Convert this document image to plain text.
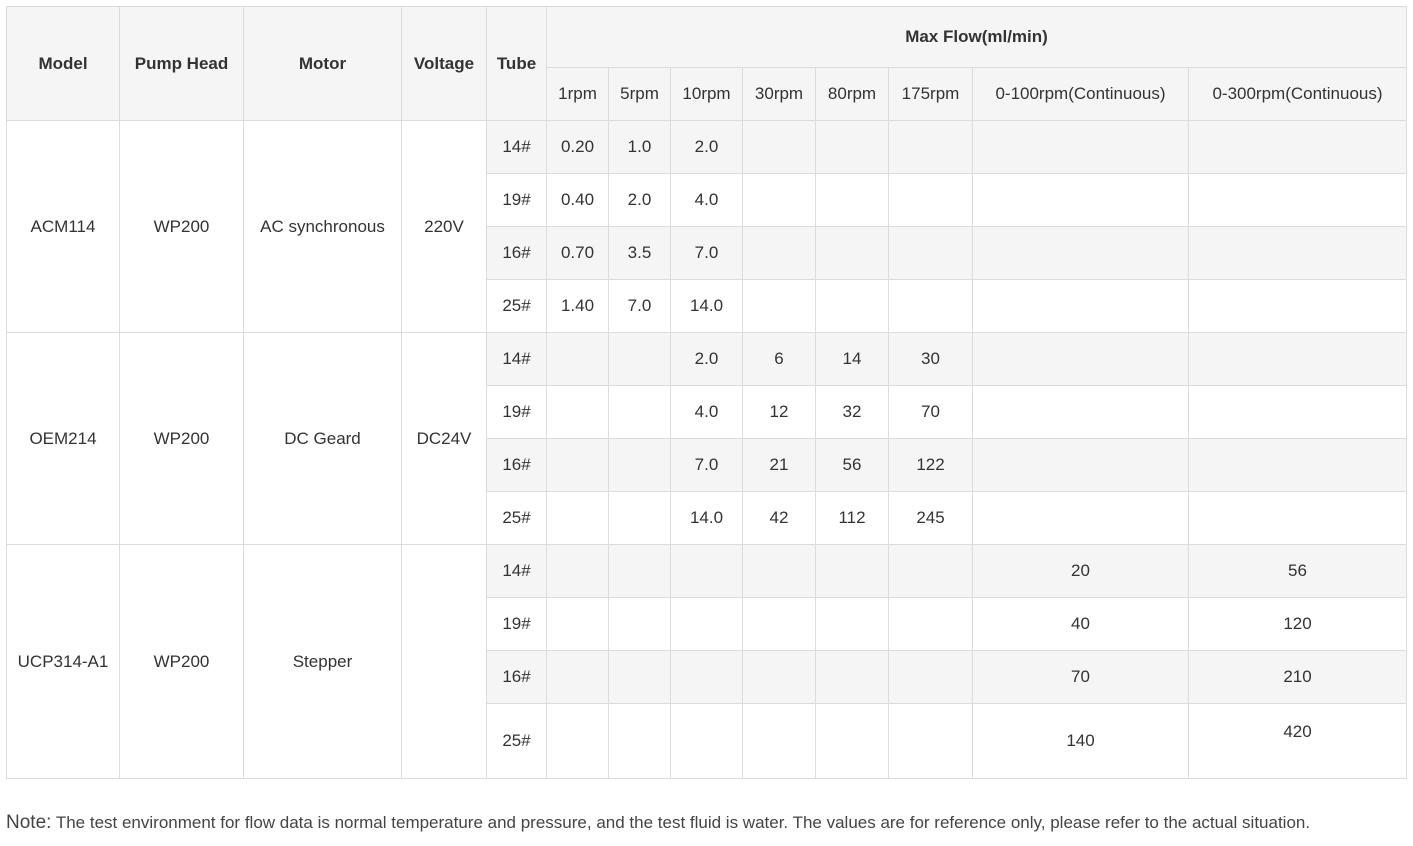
Model	Pump Head	Motor	Voltage	Tube	Max Flow(ml/min)							
					1rpm	5rpm	10rpm	30rpm	80rpm	175rpm	0-100rpm(Continuous)	0-300rpm(Continuous)
ACM114	WP200	AC synchronous	220V	14#	0.20	1.0	2.0					
				19#	0.40	2.0	4.0					
				16#	0.70	3.5	7.0					
				25#	1.40	7.0	14.0					
OEM214	WP200	DC Geard	DC24V	14#			2.0	6	14	30		
				19#			4.0	12	32	70		
				16#			7.0	21	56	122		
				25#			14.0	42	112	245		
UCP314-A1	WP200	Stepper		14#							20	56
				19#							40	120
				16#							70	210
				25#							140	420
Note: The test environment for flow data is normal temperature and pressure, and the test fluid is water. The values are for reference only, please refer to the actual situation.
